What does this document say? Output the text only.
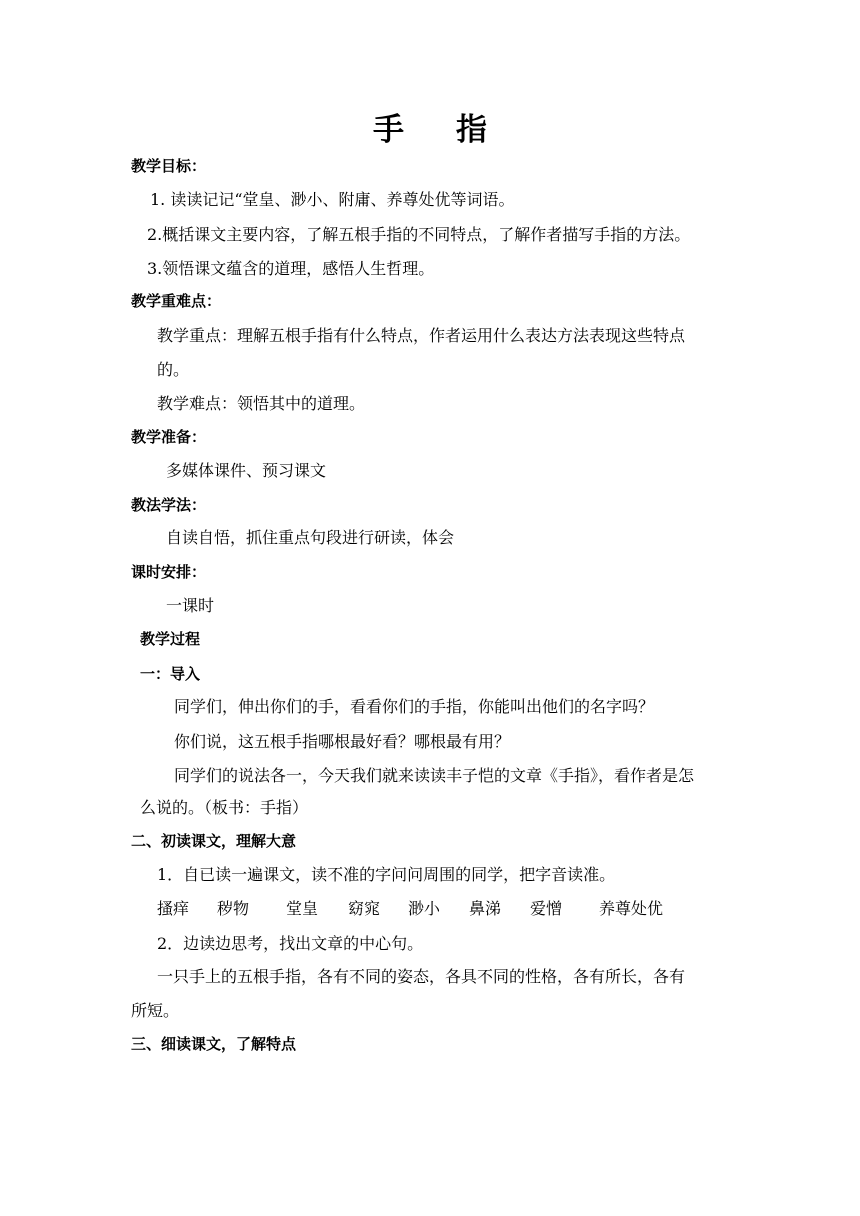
手 指
教学目标：
1. 读读记记“堂皇、渺小、附庸、养尊处优等词语。
2.概括课文主要内容，了解五根手指的不同特点，了解作者描写手指的方法。
3.领悟课文蕴含的道理，感悟人生哲理。
教学重难点：
教学重点：理解五根手指有什么特点，作者运用什么表达方法表现这些特点
的。
教学难点：领悟其中的道理。
教学准备：
多媒体课件、预习课文
教法学法：
自读自悟，抓住重点句段进行研读，体会
课时安排：
一课时
教学过程
一：导入
同学们，伸出你们的手，看看你们的手指，你能叫出他们的名字吗？
你们说，这五根手指哪根最好看？哪根最有用？
同学们的说法各一，今天我们就来读读丰子恺的文章《手指》，看作者是怎
么说的。（板书：手指）
二、初读课文，理解大意
1．自已读一遍课文，读不准的字问问周围的同学，把字音读准。
搔痒 秽物 堂皇 窈窕 渺小 鼻涕 爱憎 养尊处优
2．边读边思考，找出文章的中心句。
一只手上的五根手指，各有不同的姿态，各具不同的性格，各有所长，各有
所短。
三、细读课文，了解特点
